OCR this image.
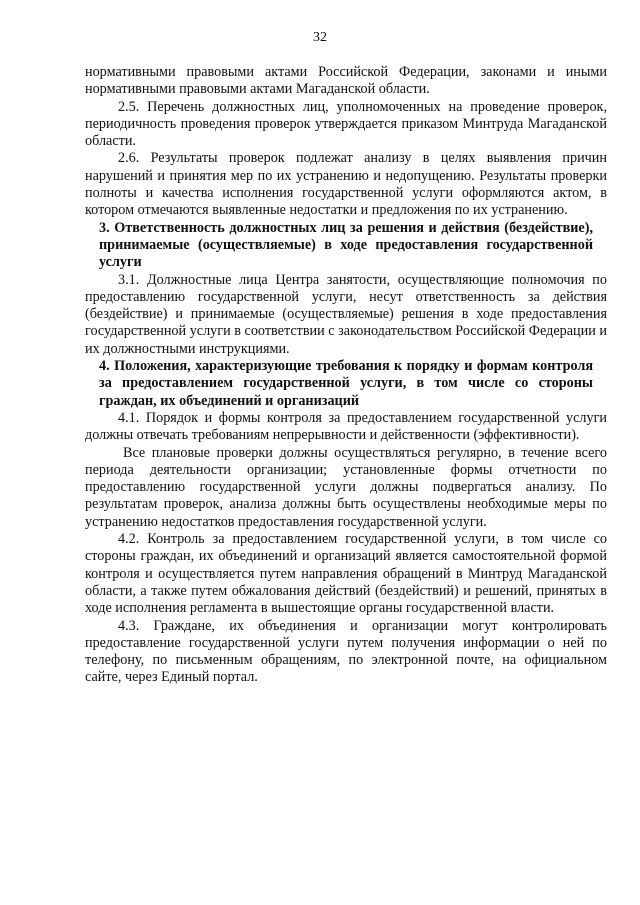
32

нормативными правовыми актами Российской Федерации, законами и иными нормативными правовыми актами Магаданской области.

2.5. Перечень должностных лиц, уполномоченных на проведение проверок, периодичность проведения проверок утверждается приказом Минтруда Магаданской области.

2.6. Результаты проверок подлежат анализу в целях выявления причин нарушений и принятия мер по их устранению и недопущению. Результаты проверки полноты и качества исполнения государственной услуги оформляются актом, в котором отмечаются выявленные недостатки и предложения по их устранению.

3. Ответственность должностных лиц за решения и действия (бездействие), принимаемые (осуществляемые) в ходе предоставления государственной услуги

3.1. Должностные лица Центра занятости, осуществляющие полномочия по предоставлению государственной услуги, несут ответственность за действия (бездействие) и принимаемые (осуществляемые) решения в ходе предоставления государственной услуги в соответствии с законодательством Российской Федерации и их должностными инструкциями.

4. Положения, характеризующие требования к порядку и формам контроля за предоставлением государственной услуги, в том числе со стороны граждан, их объединений и организаций

4.1. Порядок и формы контроля за предоставлением государственной услуги должны отвечать требованиям непрерывности и действенности (эффективности).

Все плановые проверки должны осуществляться регулярно, в течение всего периода деятельности организации; установленные формы отчетности по предоставлению государственной услуги должны подвергаться анализу. По результатам проверок, анализа должны быть осуществлены необходимые меры по устранению недостатков предоставления государственной услуги.

4.2. Контроль за предоставлением государственной услуги, в том числе со стороны граждан, их объединений и организаций является самостоятельной формой контроля и осуществляется путем направления обращений в Минтруд Магаданской области, а также путем обжалования действий (бездействий) и решений, принятых в ходе исполнения регламента в вышестоящие органы государственной власти.

4.3. Граждане, их объединения и организации могут контролировать предоставление государственной услуги путем получения информации о ней по телефону, по письменным обращениям, по электронной почте, на официальном сайте, через Единый портал.
